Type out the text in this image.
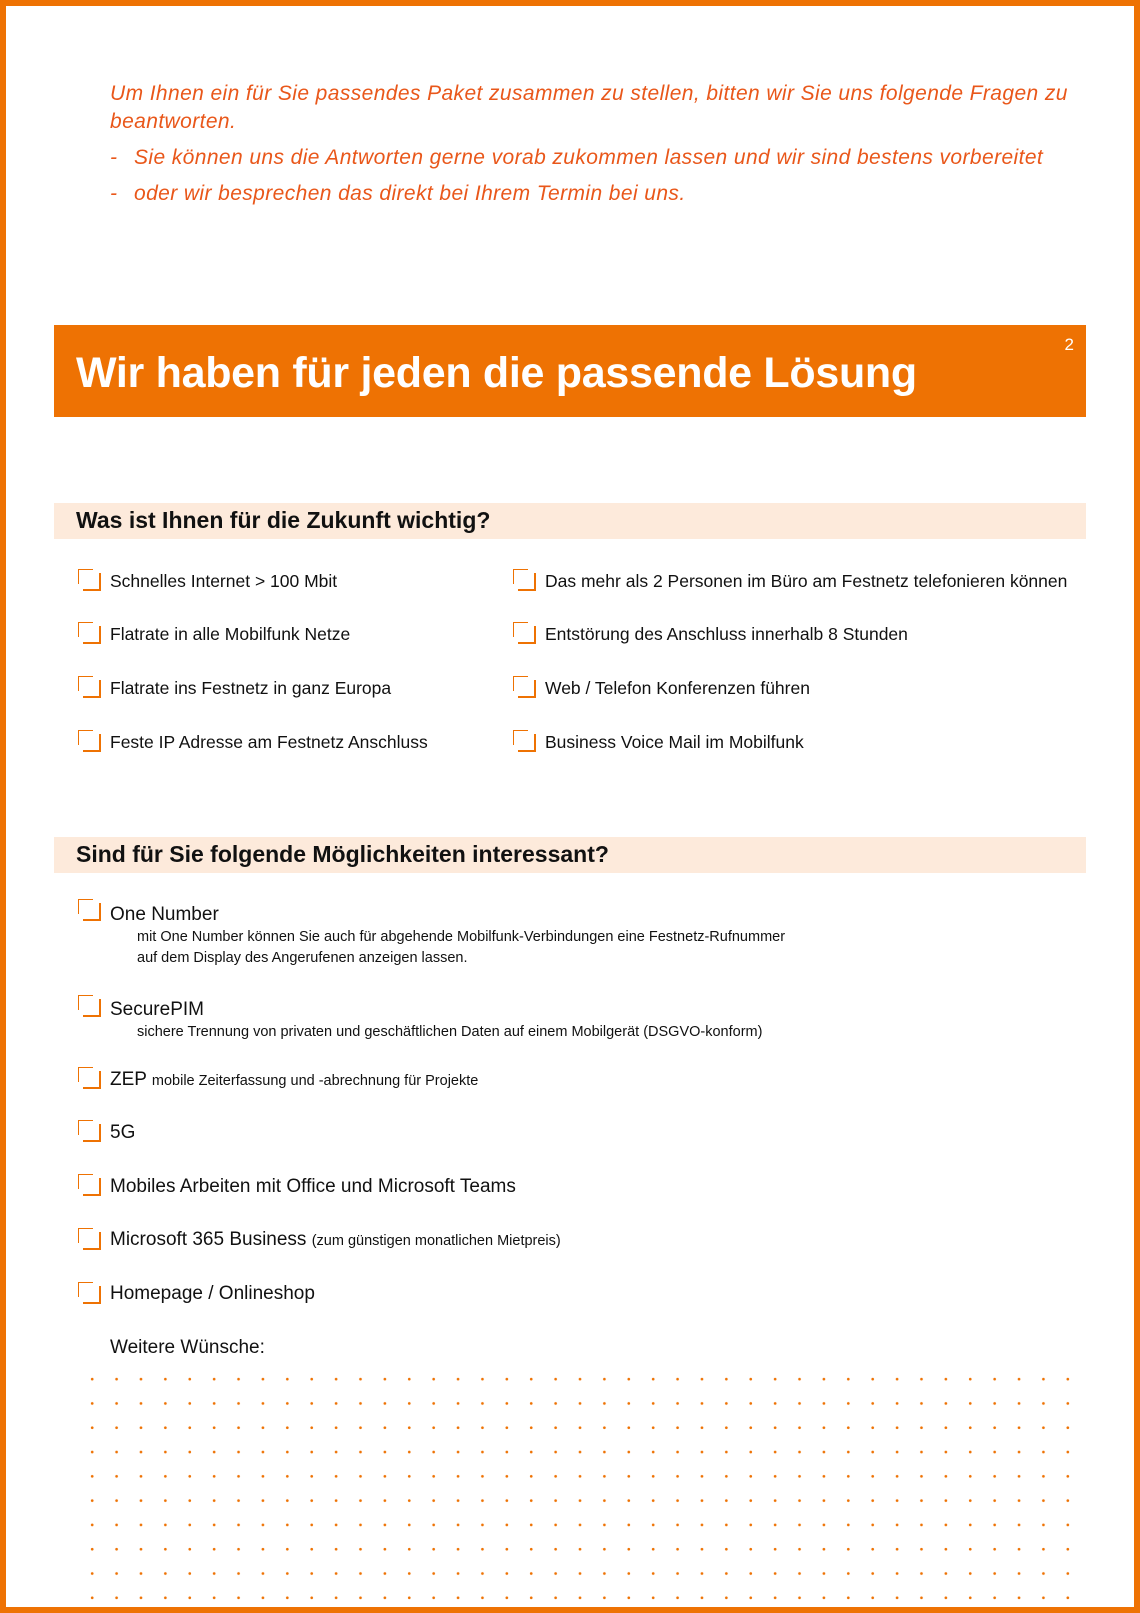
Um Ihnen ein für Sie passendes Paket zusammen zu stellen, bitten wir Sie uns folgende Fragen zu beantworten.

- Sie können uns die Antworten gerne vorab zukommen lassen und wir sind bestens vorbereitet
- oder wir besprechen das direkt bei Ihrem Termin bei uns.
Wir haben für jeden die passende Lösung
2
Was ist Ihnen für die Zukunft wichtig?
Schnelles Internet > 100 Mbit
Flatrate in alle Mobilfunk Netze
Flatrate ins Festnetz in ganz Europa
Feste IP Adresse am Festnetz Anschluss
Das mehr als 2 Personen im Büro am Festnetz telefonieren können
Entstörung des Anschluss innerhalb 8 Stunden
Web / Telefon Konferenzen führen
Business Voice Mail im Mobilfunk
Sind für Sie folgende Möglichkeiten interessant?
One Number
mit One Number können Sie auch für abgehende Mobilfunk-Verbindungen eine Festnetz-Rufnummer
auf dem Display des Angerufenen anzeigen lassen.
SecurePIM
sichere Trennung von privaten und geschäftlichen Daten auf einem Mobilgerät (DSGVO-konform)
ZEP mobile Zeiterfassung und -abrechnung für Projekte
5G
Mobiles Arbeiten mit Office und Microsoft Teams
Microsoft 365 Business (zum günstigen monatlichen Mietpreis)
Homepage / Onlineshop
Weitere Wünsche:
